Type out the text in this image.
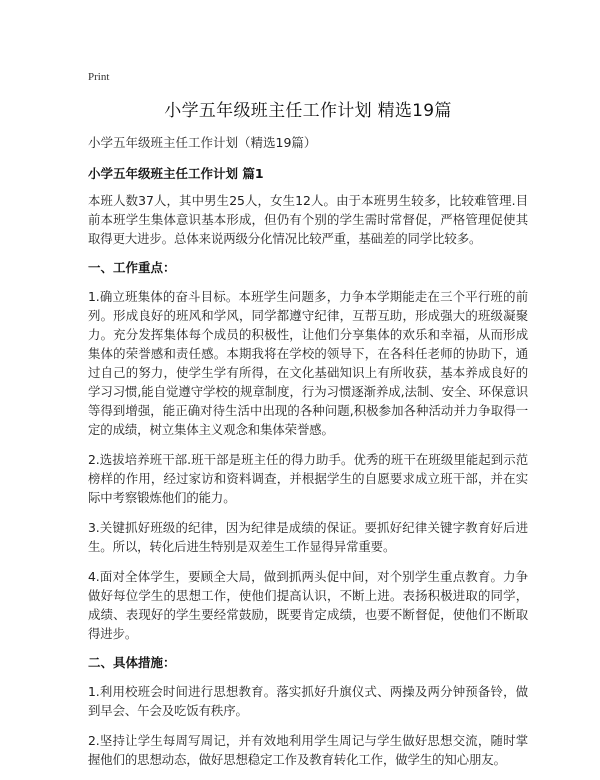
Print
小学五年级班主任工作计划 精选19篇
小学五年级班主任工作计划（精选19篇）
小学五年级班主任工作计划 篇1

本班人数37人，其中男生25人，女生12人。由于本班男生较多，比较难管理.目前本班学生集体意识基本形成，但仍有个别的学生需时常督促，严格管理促使其取得更大进步。总体来说两级分化情况比较严重，基础差的同学比较多。

一、工作重点：

1.确立班集体的奋斗目标。本班学生问题多，力争本学期能走在三个平行班的前列。形成良好的班风和学风，同学都遵守纪律，互帮互助，形成强大的班级凝聚力。充分发挥集体每个成员的积极性，让他们分享集体的欢乐和幸福，从而形成集体的荣誉感和责任感。本期我将在学校的领导下，在各科任老师的协助下，通过自己的努力，使学生学有所得，在文化基础知识上有所收获，基本养成良好的学习习惯,能自觉遵守学校的规章制度，行为习惯逐渐养成,法制、安全、环保意识等得到增强，能正确对待生活中出现的各种问题,积极参加各种活动并力争取得一定的成绩，树立集体主义观念和集体荣誉感。

2.选拔培养班干部.班干部是班主任的得力助手。优秀的班干在班级里能起到示范榜样的作用，经过家访和资料调查，并根据学生的自愿要求成立班干部，并在实际中考察锻炼他们的能力。

3.关键抓好班级的纪律，因为纪律是成绩的保证。要抓好纪律关键字教育好后进生。所以，转化后进生特别是双差生工作显得异常重要。

4.面对全体学生，要顾全大局，做到抓两头促中间，对个别学生重点教育。力争做好每位学生的思想工作，使他们提高认识，不断上进。表扬积极进取的同学，成绩、表现好的学生要经常鼓励，既要肯定成绩，也要不断督促，使他们不断取得进步。

二、具体措施：

1.利用校班会时间进行思想教育。落实抓好升旗仪式、两操及两分钟预备铃，做到早会、午会及吃饭有秩序。

2.坚持让学生每周写周记，并有效地利用学生周记与学生做好思想交流，随时掌握他们的思想动态，做好思想稳定工作及教育转化工作，做学生的知心朋友。
